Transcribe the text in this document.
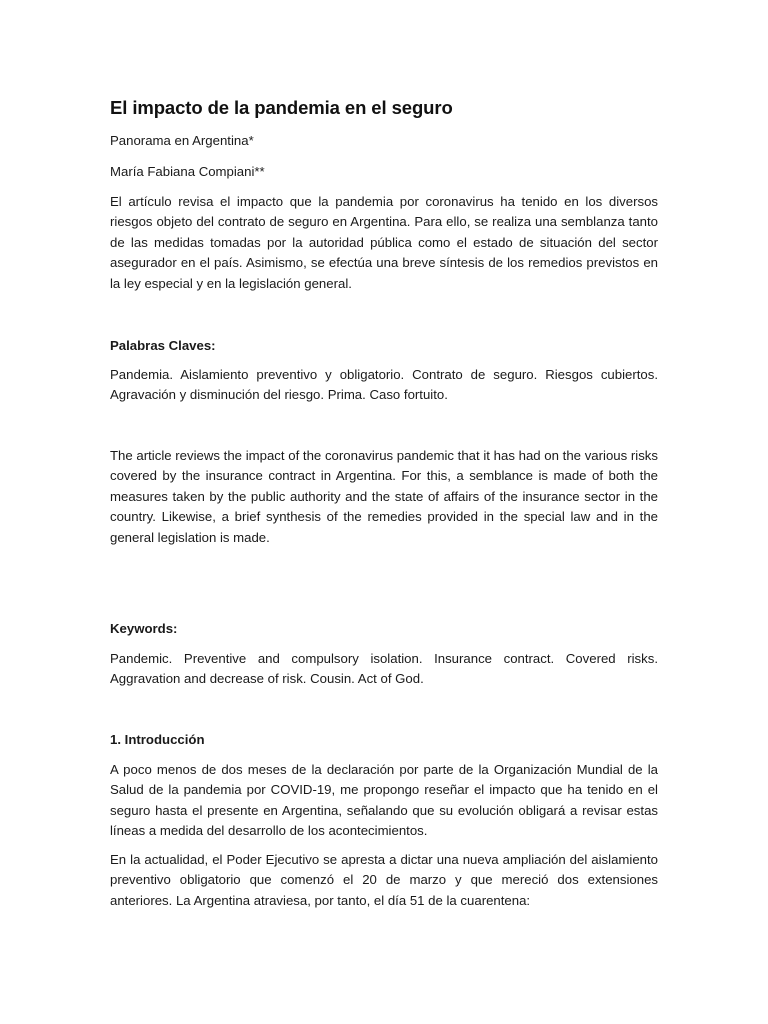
El impacto de la pandemia en el seguro

Panorama en Argentina*

María Fabiana Compiani**

El artículo revisa el impacto que la pandemia por coronavirus ha tenido en los diversos riesgos objeto del contrato de seguro en Argentina. Para ello, se realiza una semblanza tanto de las medidas tomadas por la autoridad pública como el estado de situación del sector asegurador en el país. Asimismo, se efectúa una breve síntesis de los remedios previstos en la ley especial y en la legislación general.

Palabras Claves:

Pandemia. Aislamiento preventivo y obligatorio. Contrato de seguro. Riesgos cubiertos. Agravación y disminución del riesgo. Prima. Caso fortuito.

The article reviews the impact of the coronavirus pandemic that it has had on the various risks covered by the insurance contract in Argentina. For this, a semblance is made of both the measures taken by the public authority and the state of affairs of the insurance sector in the country. Likewise, a brief synthesis of the remedies provided in the special law and in the general legislation is made.

Keywords:

Pandemic. Preventive and compulsory isolation. Insurance contract. Covered risks. Aggravation and decrease of risk. Cousin. Act of God.

1. Introducción

A poco menos de dos meses de la declaración por parte de la Organización Mundial de la Salud de la pandemia por COVID-19, me propongo reseñar el impacto que ha tenido en el seguro hasta el presente en Argentina, señalando que su evolución obligará a revisar estas líneas a medida del desarrollo de los acontecimientos.

En la actualidad, el Poder Ejecutivo se apresta a dictar una nueva ampliación del aislamiento preventivo obligatorio que comenzó el 20 de marzo y que mereció dos extensiones anteriores. La Argentina atraviesa, por tanto, el día 51 de la cuarentena:
